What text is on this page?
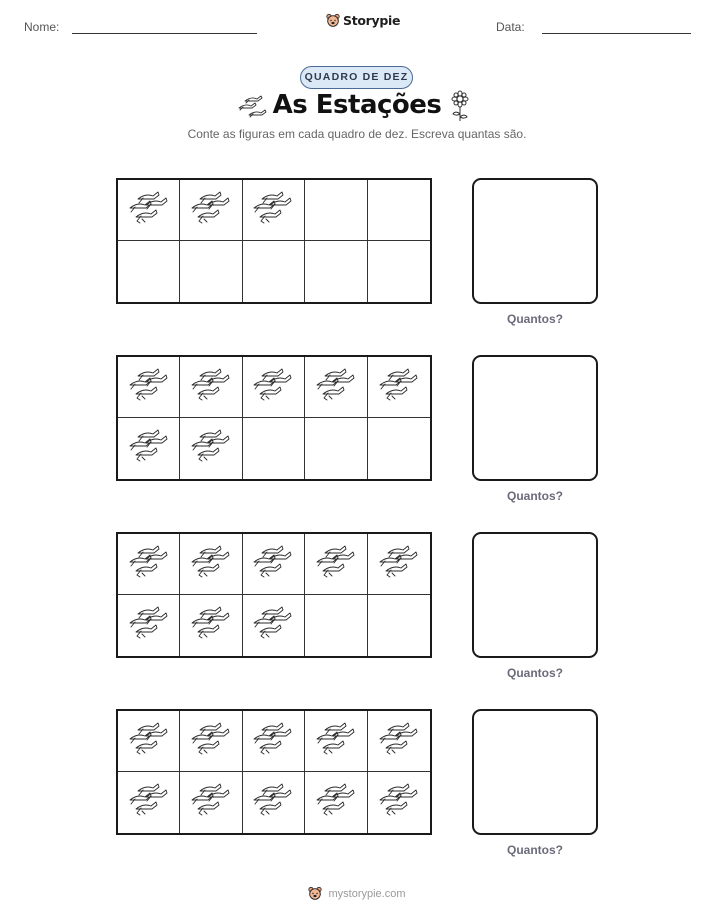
Nome:	Storypie	Data:
QUADRO DE DEZ
As Estações
Conte as figuras em cada quadro de dez. Escreva quantas são.
Quantos?
Quantos?
Quantos?
Quantos?
mystorypie.com
